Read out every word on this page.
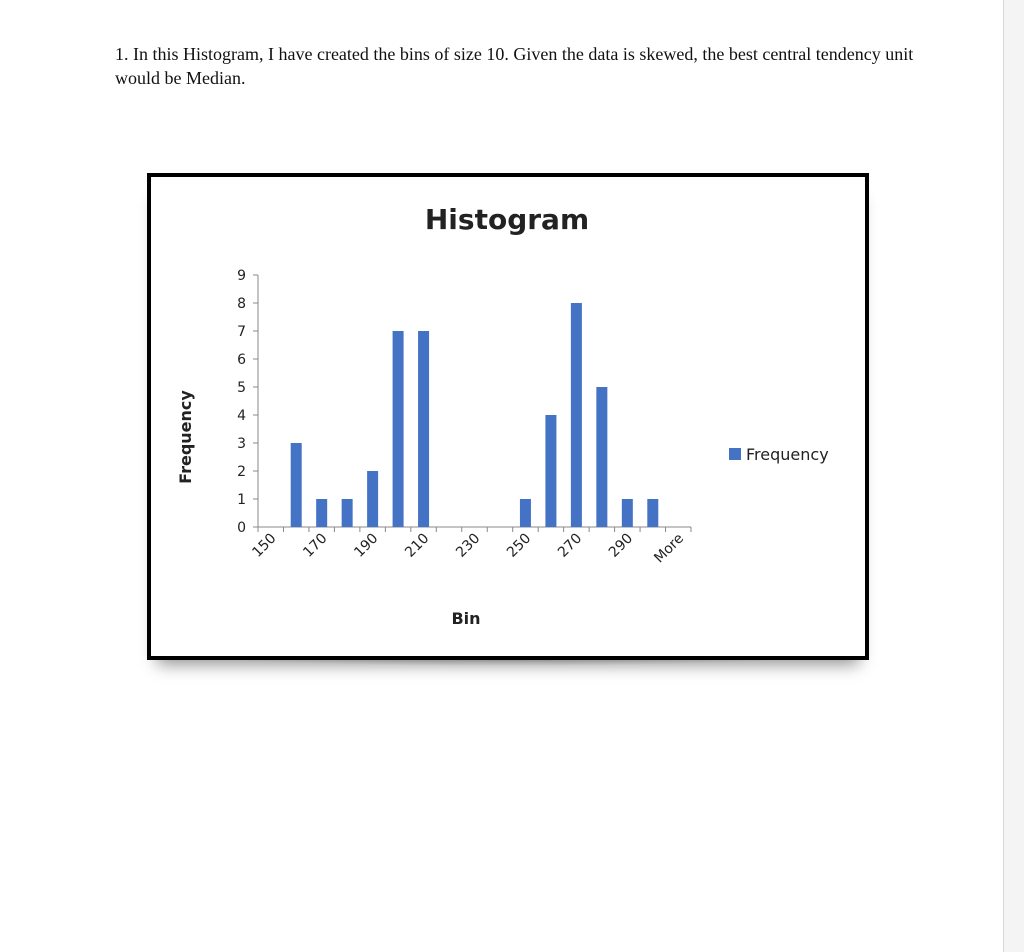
1. In this Histogram, I have created the bins of size 10. Given the data is skewed, the best central tendency unit would be Median.
Histogram
Frequency
Bin
0
1
2
3
4
5
6
7
8
9
150 170 190 210 230 250 270 290 More
Frequency
